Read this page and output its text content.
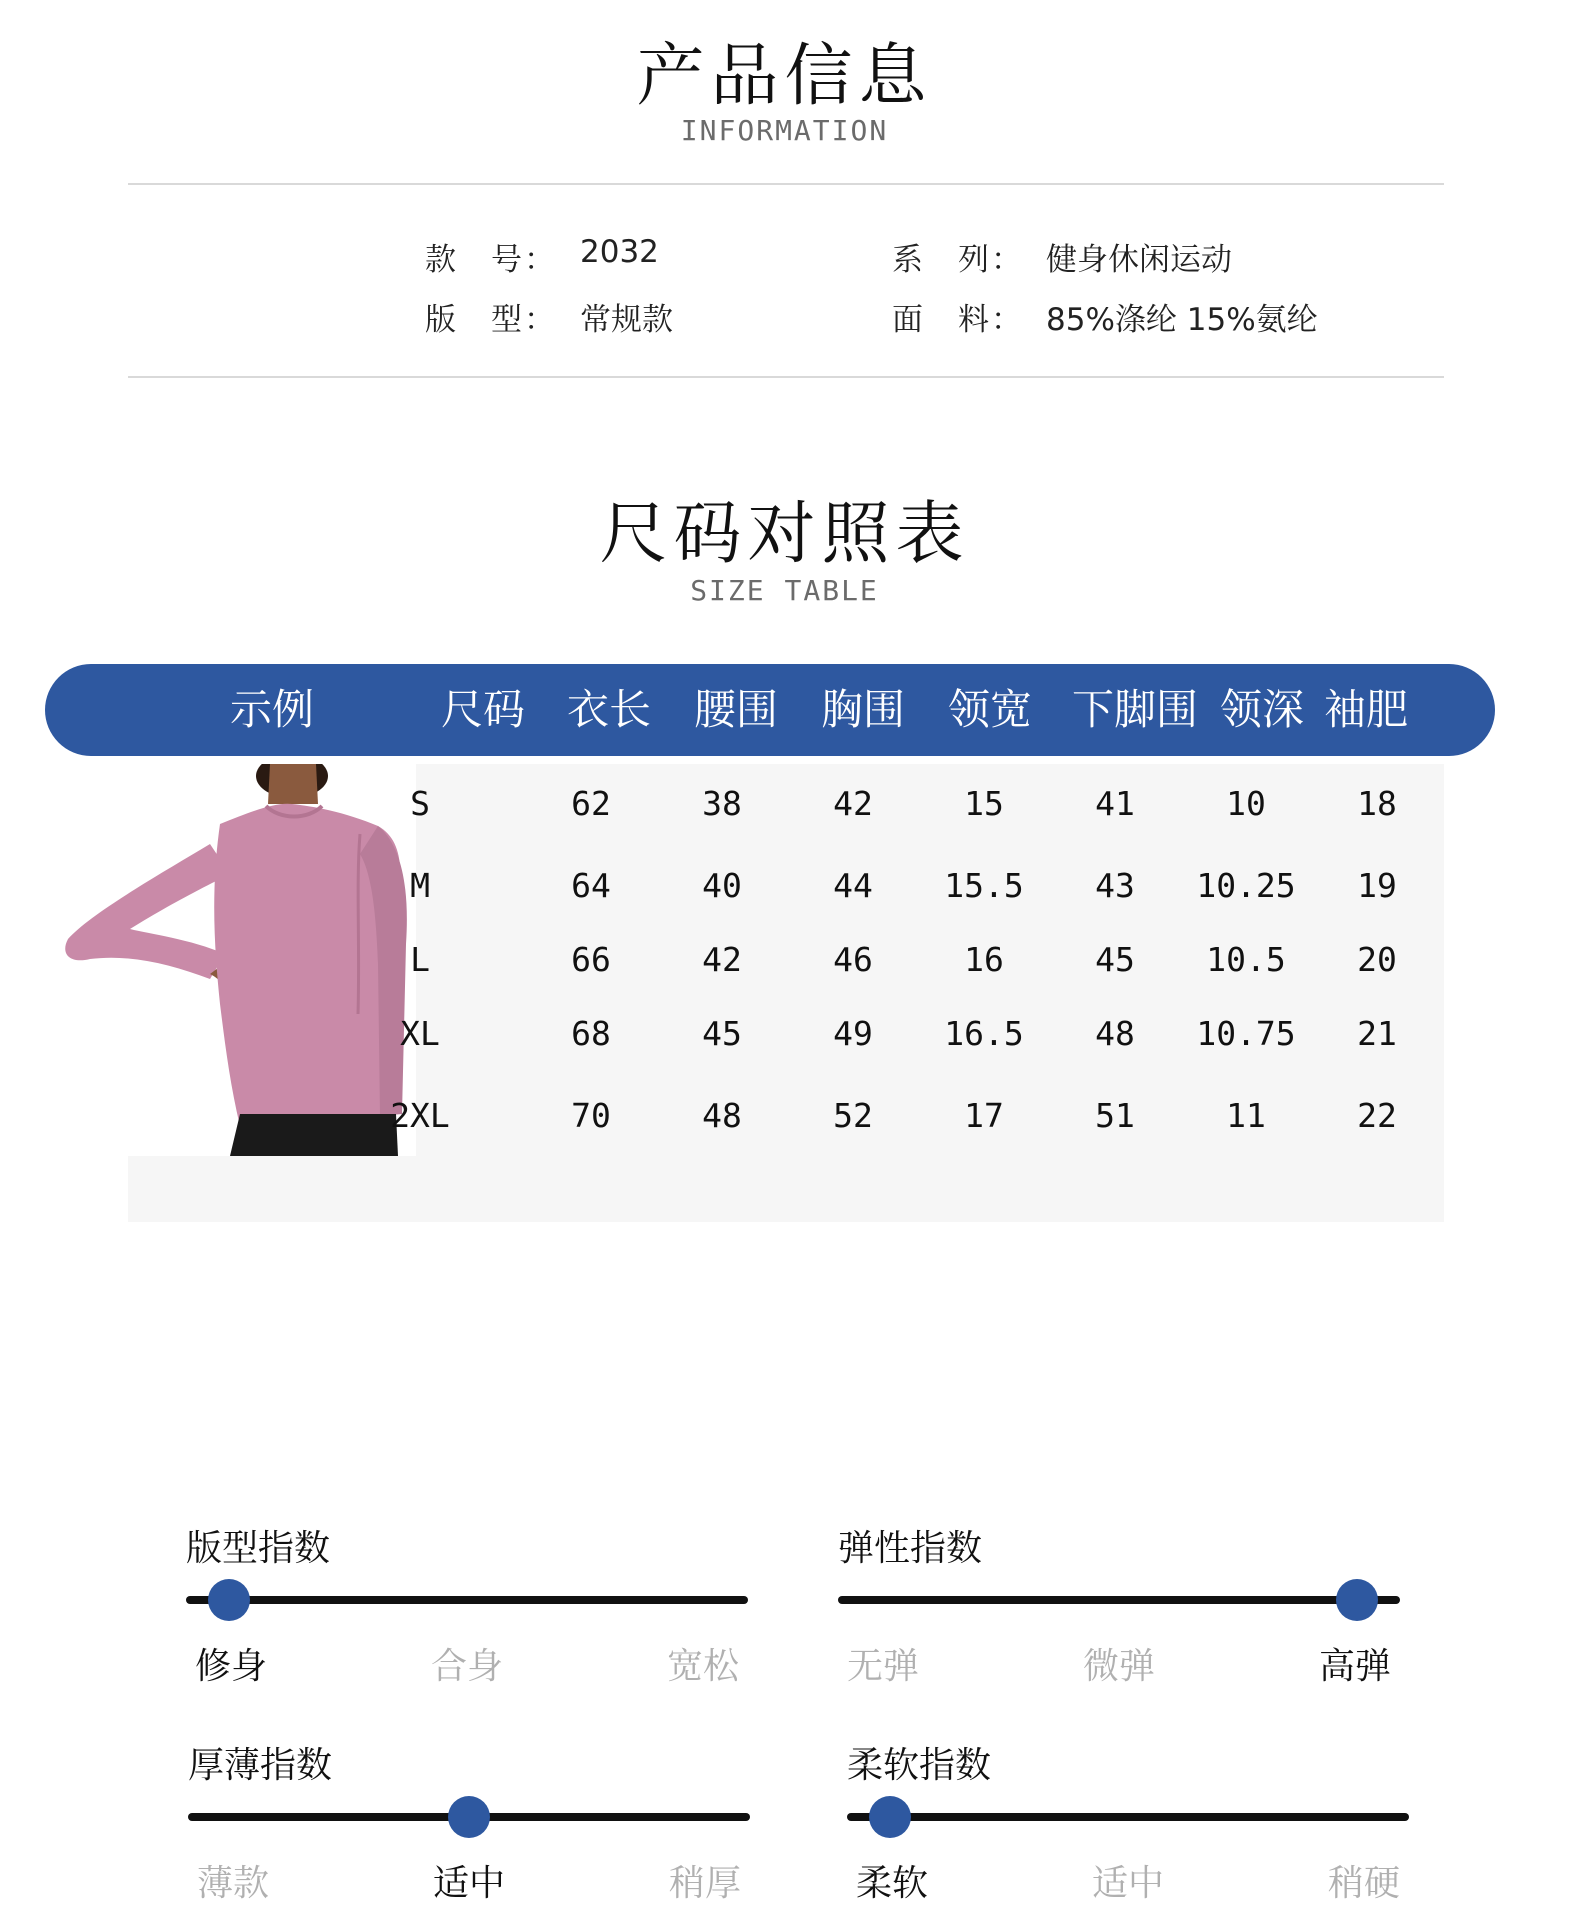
产品信息
INFORMATION
款　号： 2032	系　列： 健身休闲运动
版　型： 常规款	面　料： 85%涤纶 15%氨纶
尺码对照表
SIZE TABLE
示例	尺码 衣长	腰围	胸围	领宽 下脚围 领深 袖肥
S	62	38	42	15	41	10	18
M	64	40	44	15.5	43	10.25	19
L	66	42	46	16	45	10.5	20
XL	68	45	49	16.5	48	10.75	21
2XL	70	48	52	17	51	11	22
版型指数
修身	合身	宽松
弹性指数
无弹	微弹	高弹
厚薄指数
薄款	适中	稍厚
柔软指数
柔软	适中	稍硬
